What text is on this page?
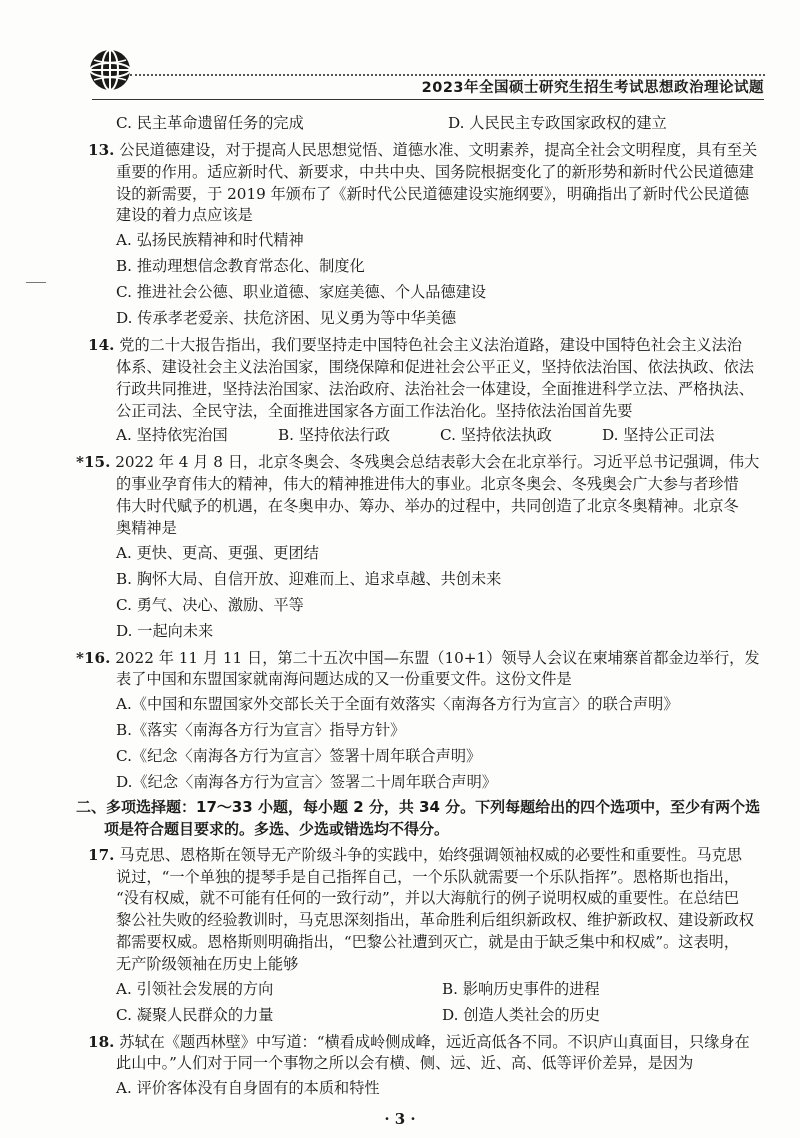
2023年全国硕士研究生招生考试思想政治理论试题
C. 民主革命遗留任务的完成	D. 人民民主专政国家政权的建立
13. 公民道德建设，对于提高人民思想觉悟、道德水准、文明素养，提高全社会文明程度，具有至关
重要的作用。适应新时代、新要求，中共中央、国务院根据变化了的新形势和新时代公民道德建
设的新需要，于 2019 年颁布了《新时代公民道德建设实施纲要》，明确指出了新时代公民道德
建设的着力点应该是
A. 弘扬民族精神和时代精神
B. 推动理想信念教育常态化、制度化
C. 推进社会公德、职业道德、家庭美德、个人品德建设
D. 传承孝老爱亲、扶危济困、见义勇为等中华美德
14. 党的二十大报告指出，我们要坚持走中国特色社会主义法治道路，建设中国特色社会主义法治
体系、建设社会主义法治国家，围绕保障和促进社会公平正义，坚持依法治国、依法执政、依法
行政共同推进，坚持法治国家、法治政府、法治社会一体建设，全面推进科学立法、严格执法、
公正司法、全民守法，全面推进国家各方面工作法治化。坚持依法治国首先要
A. 坚持依宪治国	B. 坚持依法行政	C. 坚持依法执政	D. 坚持公正司法
*15. 2022 年 4 月 8 日，北京冬奥会、冬残奥会总结表彰大会在北京举行。习近平总书记强调，伟大
的事业孕育伟大的精神，伟大的精神推进伟大的事业。北京冬奥会、冬残奥会广大参与者珍惜
伟大时代赋予的机遇，在冬奥申办、筹办、举办的过程中，共同创造了北京冬奥精神。北京冬
奥精神是
A. 更快、更高、更强、更团结
B. 胸怀大局、自信开放、迎难而上、追求卓越、共创未来
C. 勇气、决心、激励、平等
D. 一起向未来
*16. 2022 年 11 月 11 日，第二十五次中国—东盟（10+1）领导人会议在柬埔寨首都金边举行，发
表了中国和东盟国家就南海问题达成的又一份重要文件。这份文件是
A.《中国和东盟国家外交部长关于全面有效落实〈南海各方行为宣言〉的联合声明》
B.《落实〈南海各方行为宣言〉指导方针》
C.《纪念〈南海各方行为宣言〉签署十周年联合声明》
D.《纪念〈南海各方行为宣言〉签署二十周年联合声明》
二、多项选择题：17～33 小题，每小题 2 分，共 34 分。下列每题给出的四个选项中，至少有两个选
项是符合题目要求的。多选、少选或错选均不得分。
17. 马克思、恩格斯在领导无产阶级斗争的实践中，始终强调领袖权威的必要性和重要性。马克思
说过，“一个单独的提琴手是自己指挥自己，一个乐队就需要一个乐队指挥”。恩格斯也指出，
“没有权威，就不可能有任何的一致行动”，并以大海航行的例子说明权威的重要性。在总结巴
黎公社失败的经验教训时，马克思深刻指出，革命胜利后组织新政权、维护新政权、建设新政权
都需要权威。恩格斯则明确指出，“巴黎公社遭到灭亡，就是由于缺乏集中和权威”。这表明，
无产阶级领袖在历史上能够
A. 引领社会发展的方向	B. 影响历史事件的进程
C. 凝聚人民群众的力量	D. 创造人类社会的历史
18. 苏轼在《题西林壁》中写道：“横看成岭侧成峰，远近高低各不同。不识庐山真面目，只缘身在
此山中。”人们对于同一个事物之所以会有横、侧、远、近、高、低等评价差异，是因为
A. 评价客体没有自身固有的本质和特性
· 3 ·
